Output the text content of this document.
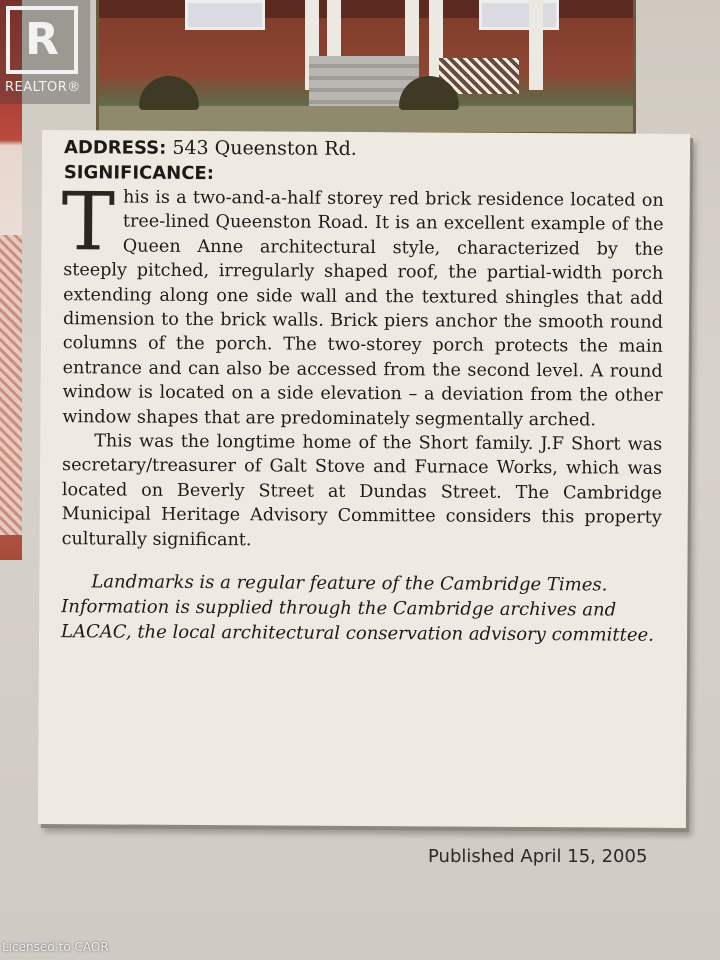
R
REALTOR®
ADDRESS: 543 Queenston Rd.
SIGNIFICANCE:

This is a two-and-a-half storey red brick residence located on tree-lined Queenston Road. It is an excellent example of the Queen Anne architectural style, characterized by the steeply pitched, irregularly shaped roof, the partial-width porch extending along one side wall and the textured shingles that add dimension to the brick walls. Brick piers anchor the smooth round columns of the porch. The two-storey porch protects the main entrance and can also be accessed from the second level. A round window is located on a side elevation – a deviation from the other window shapes that are predominately segmentally arched.

This was the longtime home of the Short family. J.F Short was secretary/treasurer of Galt Stove and Furnace Works, which was located on Beverly Street at Dundas Street. The Cambridge Municipal Heritage Advisory Committee considers this property culturally significant.

Landmarks is a regular feature of the Cambridge Times. Information is supplied through the Cambridge archives and LACAC, the local architectural conservation advisory committee.

Published April 15, 2005
Licensed to CAOR
